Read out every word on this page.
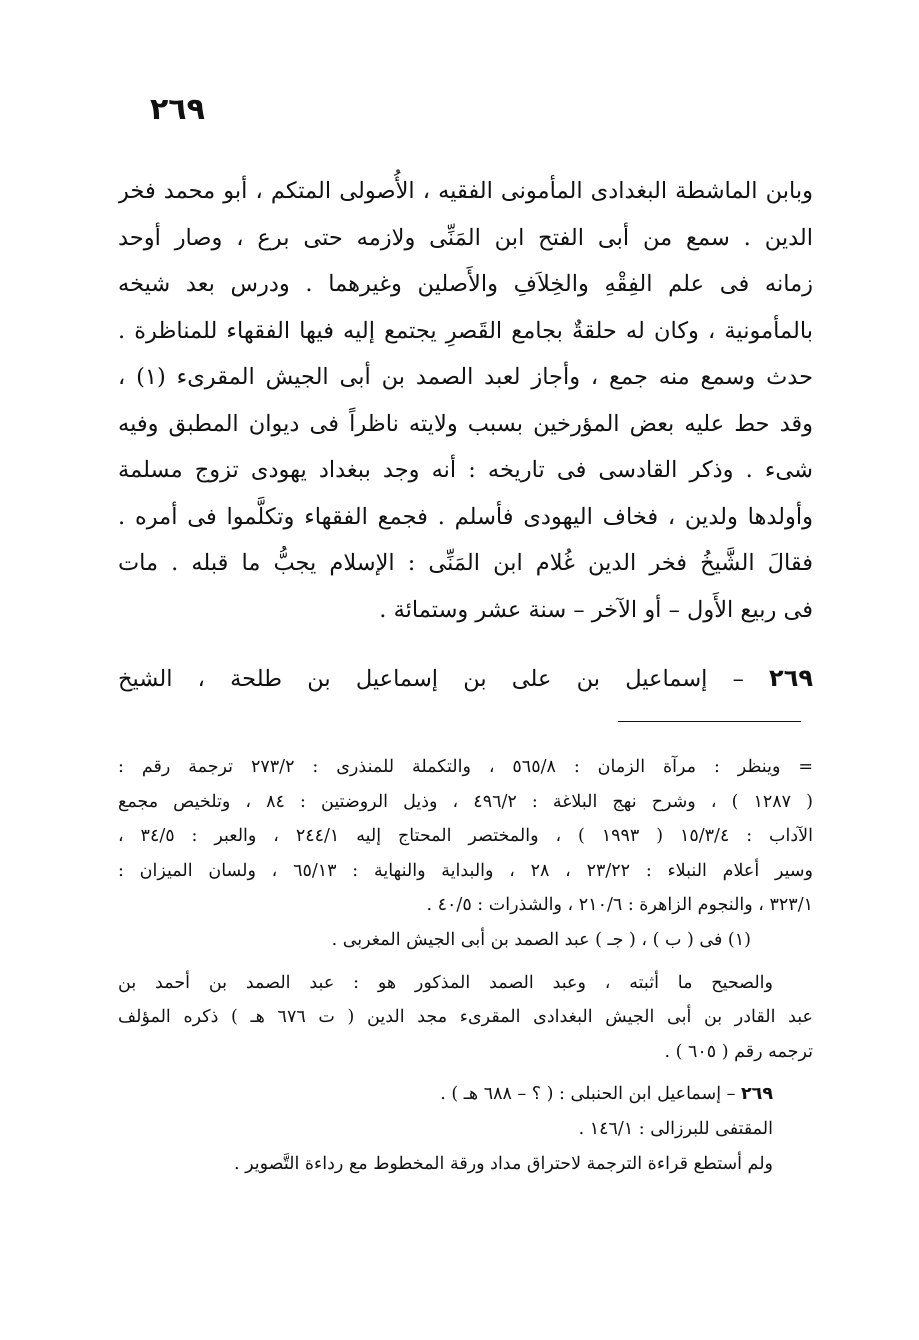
٢٦٩
وبابن الماشطة البغدادى المأمونى الفقيه ، الأُصولى المتكم ، أبو محمد فخر
الدين . سمع من أبى الفتح ابن المَنِّى ولازمه حتى برع ، وصار أوحد
زمانه فى علم الفِقْهِ والخِلاَفِ والأَصلين وغيرهما . ودرس بعد شيخه
بالمأمونية ، وكان له حلقةٌ بجامع القَصرِ يجتمع إليه فيها الفقهاء للمناظرة .
حدث وسمع منه جمع ، وأجاز لعبد الصمد بن أبى الجيش المقرىء (١) ،
وقد حط عليه بعض المؤرخين بسبب ولايته ناظراً فى ديوان المطبق وفيه
شىء . وذكر القادسى فى تاريخه : أنه وجد ببغداد يهودى تزوج مسلمة
وأولدها ولدين ، فخاف اليهودى فأسلم . فجمع الفقهاء وتكلَّموا فى أمره .
فقالَ الشَّيخُ فخر الدين غُلام ابن المَنِّى : الإسلام يجبُّ ما قبله . مات
فى ربيع الأَول – أو الآخر – سنة عشر وستمائة .
٢٦٩ – إسماعيل بن على بن إسماعيل بن طلحة ، الشيخ
= وينظر : مرآة الزمان : ٥٦٥/٨ ، والتكملة للمنذرى : ٢٧٣/٢ ترجمة رقم :
( ١٢٨٧ ) ، وشرح نهج البلاغة : ٤٩٦/٢ ، وذيل الروضتين : ٨٤ ، وتلخيص مجمع
الآداب : ١٥/٣/٤ ( ١٩٩٣ ) ، والمختصر المحتاج إليه ٢٤٤/١ ، والعبر : ٣٤/٥ ،
وسير أعلام النبلاء : ٢٣/٢٢ ، ٢٨ ، والبداية والنهاية : ٦٥/١٣ ، ولسان الميزان :
٣٢٣/١ ، والنجوم الزاهرة : ٢١٠/٦ ، والشذرات : ٤٠/٥ .
(١) فى ( ب ) ، ( جـ ) عبد الصمد بن أبى الجيش المغربى .
والصحيح ما أثبته ، وعبد الصمد المذكور هو : عبد الصمد بن أحمد بن
عبد القادر بن أبى الجيش البغدادى المقرىء مجد الدين ( ت ٦٧٦ هـ ) ذكره المؤلف
ترجمه رقم ( ٦٠٥ ) .
٢٦٩ – إسماعيل ابن الحنبلى : ( ؟ – ٦٨٨ هـ ) .
المقتفى للبرزالى : ١٤٦/١ .
ولم أستطع قراءة الترجمة لاحتراق مداد ورقة المخطوط مع رداءة التَّصوير .
